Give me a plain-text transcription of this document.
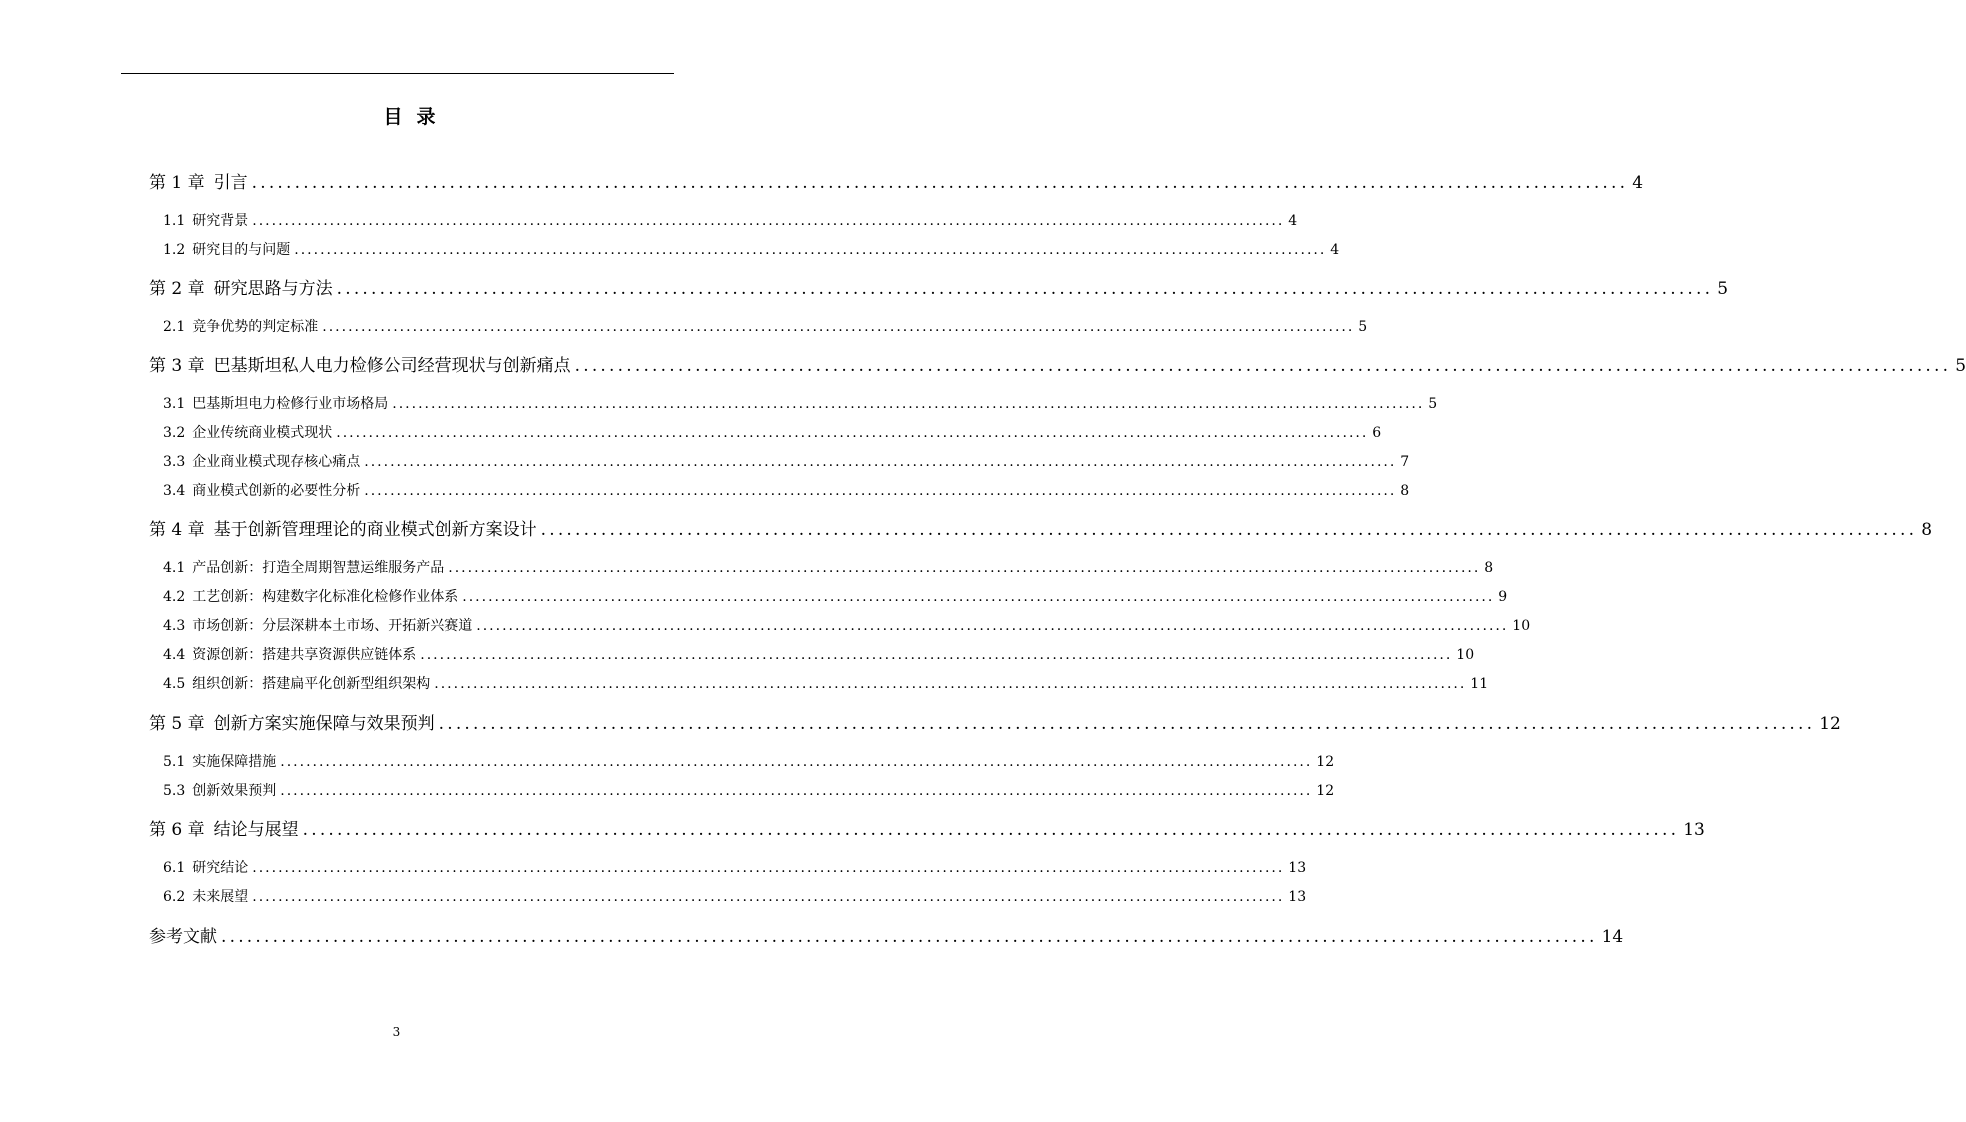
目录
第 1 章 引言 ................................................................................................................................................................ 4
1.1 研究背景 ................................................................................................................................................................ 4
1.2 研究目的与问题 ................................................................................................................................................................ 4
第 2 章 研究思路与方法 ................................................................................................................................................................ 5
2.1 竞争优势的判定标准 ................................................................................................................................................................ 5
第 3 章 巴基斯坦私人电力检修公司经营现状与创新痛点 ................................................................................................................................................................ 5
3.1 巴基斯坦电力检修行业市场格局 ................................................................................................................................................................ 5
3.2 企业传统商业模式现状 ................................................................................................................................................................ 6
3.3 企业商业模式现存核心痛点 ................................................................................................................................................................ 7
3.4 商业模式创新的必要性分析 ................................................................................................................................................................ 8
第 4 章 基于创新管理理论的商业模式创新方案设计 ................................................................................................................................................................ 8
4.1 产品创新：打造全周期智慧运维服务产品 ................................................................................................................................................................ 8
4.2 工艺创新：构建数字化标准化检修作业体系 ................................................................................................................................................................ 9
4.3 市场创新：分层深耕本土市场、开拓新兴赛道 ................................................................................................................................................................ 10
4.4 资源创新：搭建共享资源供应链体系 ................................................................................................................................................................ 10
4.5 组织创新：搭建扁平化创新型组织架构 ................................................................................................................................................................ 11
第 5 章 创新方案实施保障与效果预判 ................................................................................................................................................................ 12
5.1 实施保障措施 ................................................................................................................................................................ 12
5.3 创新效果预判 ................................................................................................................................................................ 12
第 6 章 结论与展望 ................................................................................................................................................................ 13
6.1 研究结论 ................................................................................................................................................................ 13
6.2 未来展望 ................................................................................................................................................................ 13
参考文献 ................................................................................................................................................................ 14
3
